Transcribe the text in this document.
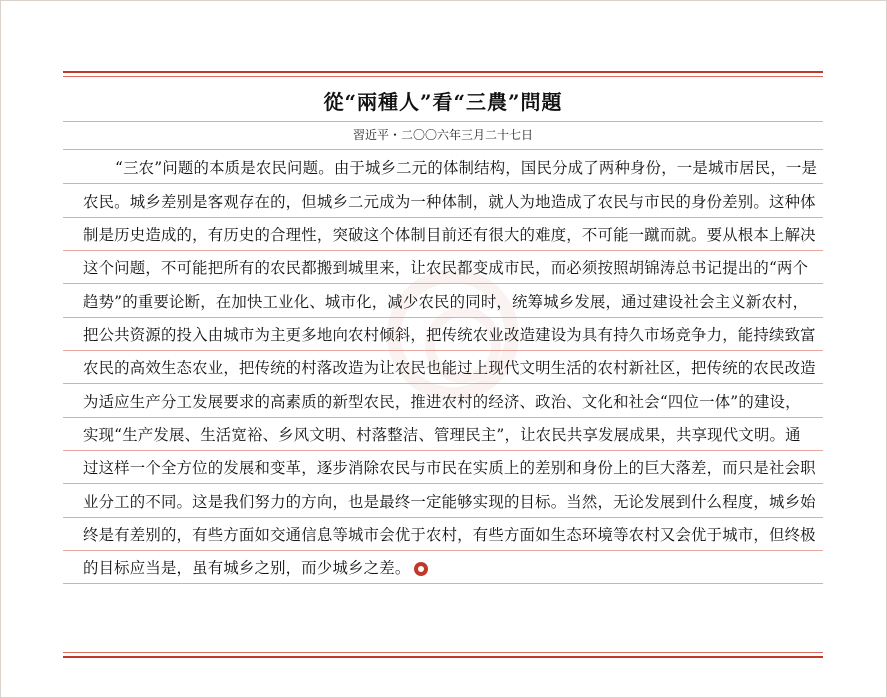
從“兩種人”看“三農”問題
習近平・二〇〇六年三月二十七日
“三农”问题的本质是农民问题。由于城乡二元的体制结构，国民分成了两种身份，一是城市居民，一是
农民。城乡差别是客观存在的，但城乡二元成为一种体制，就人为地造成了农民与市民的身份差别。这种体
制是历史造成的，有历史的合理性，突破这个体制目前还有很大的难度，不可能一蹴而就。要从根本上解决
这个问题，不可能把所有的农民都搬到城里来，让农民都变成市民，而必须按照胡锦涛总书记提出的“两个
趋势”的重要论断，在加快工业化、城市化，减少农民的同时，统筹城乡发展，通过建设社会主义新农村，
把公共资源的投入由城市为主更多地向农村倾斜，把传统农业改造建设为具有持久市场竞争力，能持续致富
农民的高效生态农业，把传统的村落改造为让农民也能过上现代文明生活的农村新社区，把传统的农民改造
为适应生产分工发展要求的高素质的新型农民，推进农村的经济、政治、文化和社会“四位一体”的建设，
实现“生产发展、生活宽裕、乡风文明、村落整洁、管理民主”，让农民共享发展成果，共享现代文明。通
过这样一个全方位的发展和变革，逐步消除农民与市民在实质上的差别和身份上的巨大落差，而只是社会职
业分工的不同。这是我们努力的方向，也是最终一定能够实现的目标。当然，无论发展到什么程度，城乡始
终是有差别的，有些方面如交通信息等城市会优于农村，有些方面如生态环境等农村又会优于城市，但终极
的目标应当是，虽有城乡之别，而少城乡之差。
